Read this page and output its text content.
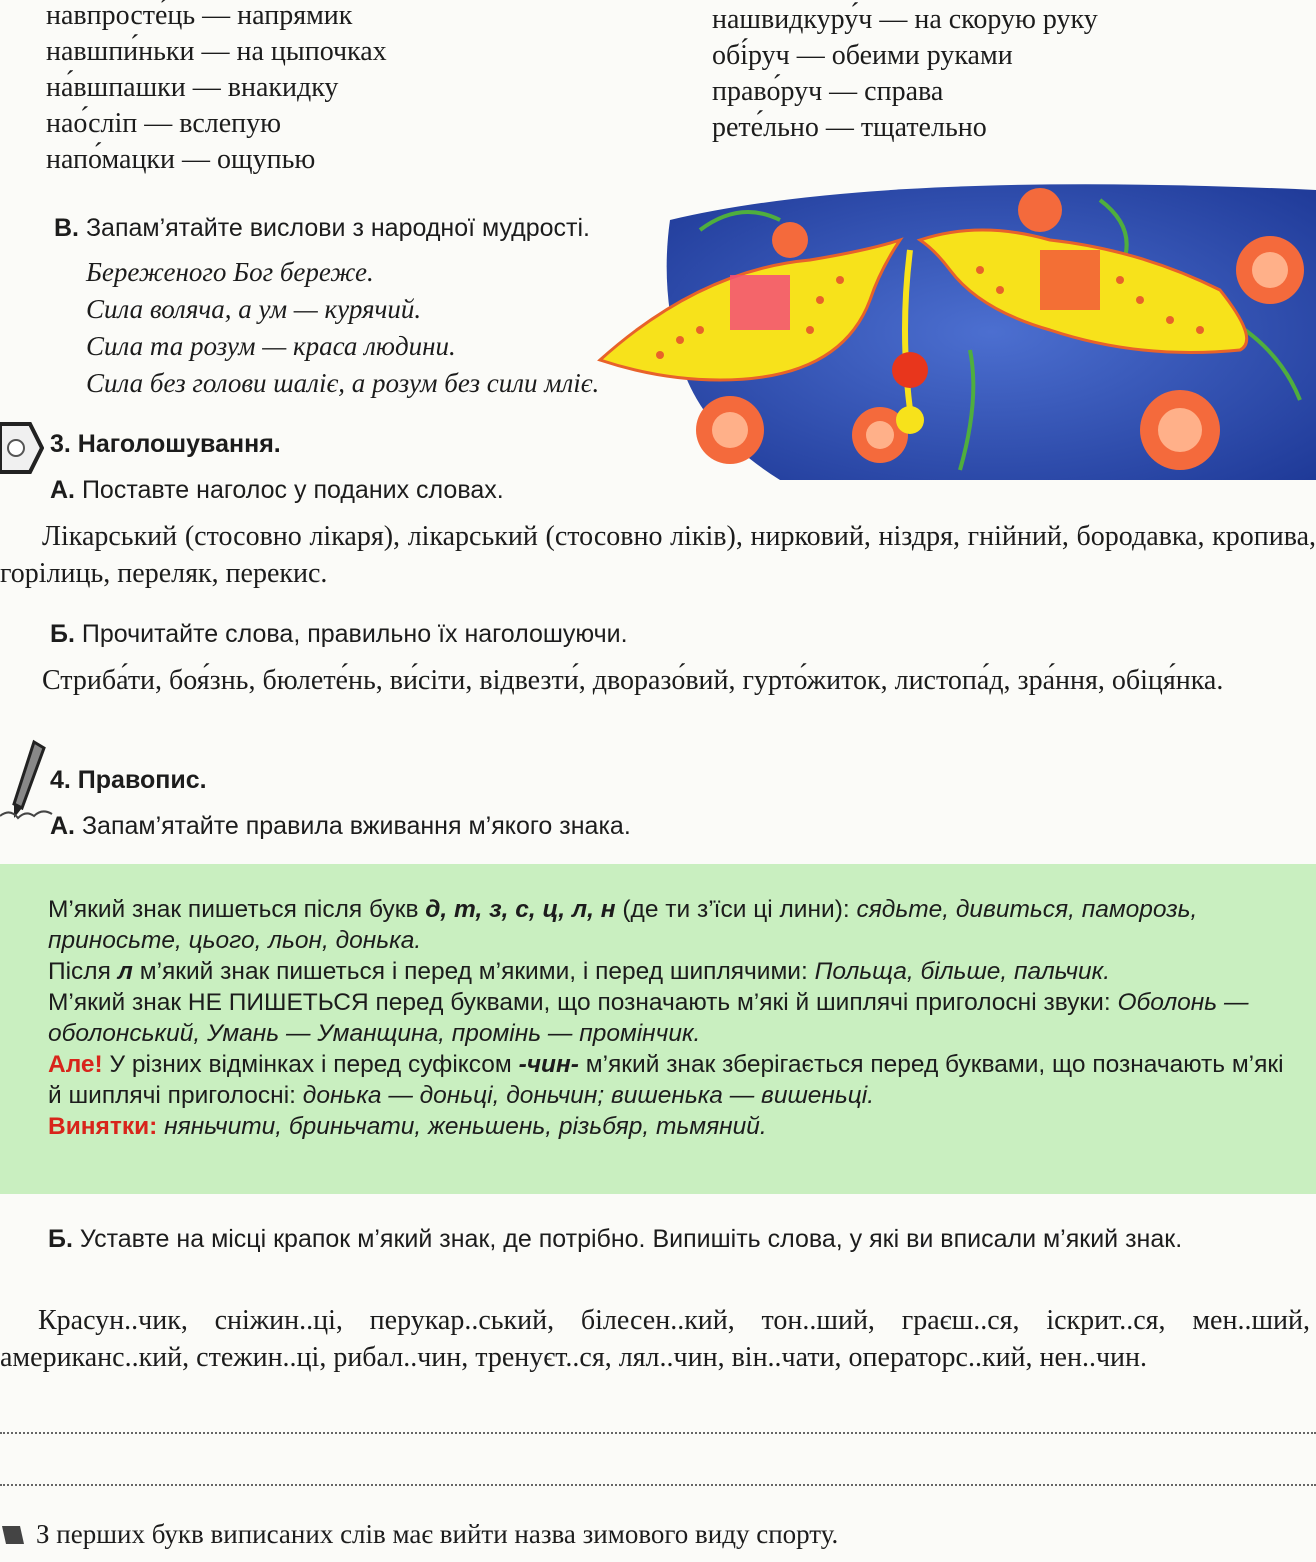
навпросте́ць — напрямик
навшпи́ньки — на цыпочках
на́вшпашки — внакидку
нао́сліп — вслепую
напо́мацки — ощупью
нашвидкуру́ч — на скорую руку
обі́руч — обеими руками
право́руч — справа
рете́льно — тщательно
В. Запам’ятайте вислови з народної мудрості.
Береженого Бог береже.
Сила воляча, а ум — курячий.
Сила та розум — краса людини.
Сила без голови шаліє, а розум без сили мліє.
3. Наголошування.
А. Поставте наголос у поданих словах.
Лікарський (стосовно лікаря), лікарський (стосовно ліків), нирковий, ніздря, гнійний, бородавка, кропива, горілиць, переляк, перекис.
Б. Прочитайте слова, правильно їх наголошуючи.
Стриба́ти, боя́знь, бюлете́нь, ви́сіти, відвезти́, дворазо́вий, гурто́житок, листопа́д, зра́ння, обіця́нка.
4. Правопис.
А. Запам’ятайте правила вживання м’якого знака.

М’який знак пишеться після букв д, т, з, с, ц, л, н (де ти з’їси ці лини): сядьте, дивиться, паморозь, приносьте, цього, льон, донька.

Після л м’який знак пишеться і перед м’якими, і перед шиплячими: Польща, більше, пальчик.

М’який знак НЕ ПИШЕТЬСЯ перед буквами, що позначають м’які й шиплячі приголосні звуки: Оболонь — оболонський, Умань — Уманщина, промінь — промінчик.

Але! У різних відмінках і перед суфіксом -чин- м’який знак зберігається перед буквами, що позначають м’які й шиплячі приголосні: донька — доньці, доньчин; вишенька — вишеньці.

Винятки: няньчити, бриньчати, женьшень, різьбяр, тьмяний.

Б. Уставте на місці крапок м’який знак, де потрібно. Випишіть слова, у які ви вписали м’який знак.
Красун..чик, сніжин..ці, перукар..ський, білесен..кий, тон..ший, граєш..ся, іскрит..ся, мен..ший, американс..кий, стежин..ці, рибал..чин, тренуєт..ся, лял..чин, він..чати, операторс..кий, нен..чин.
З перших букв виписаних слів має вийти назва зимового виду спорту.
